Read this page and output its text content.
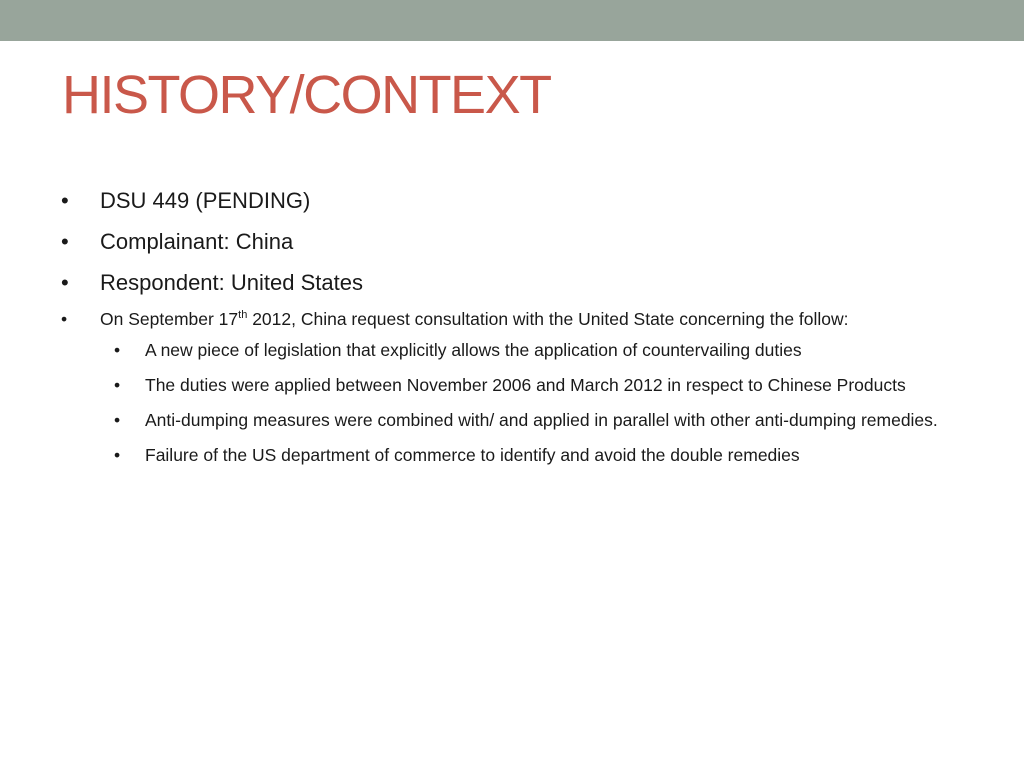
HISTORY/CONTEXT
• DSU 449 (PENDING)
• Complainant: China
• Respondent: United States
• On September 17th 2012, China request consultation with the United State concerning the follow:
• A new piece of legislation that explicitly allows the application of countervailing duties
• The duties were applied between November 2006 and March 2012 in respect to Chinese Products
• Anti-dumping measures were combined with/ and applied in parallel with other anti-dumping remedies.
• Failure of the US department of commerce to identify and avoid the double remedies
